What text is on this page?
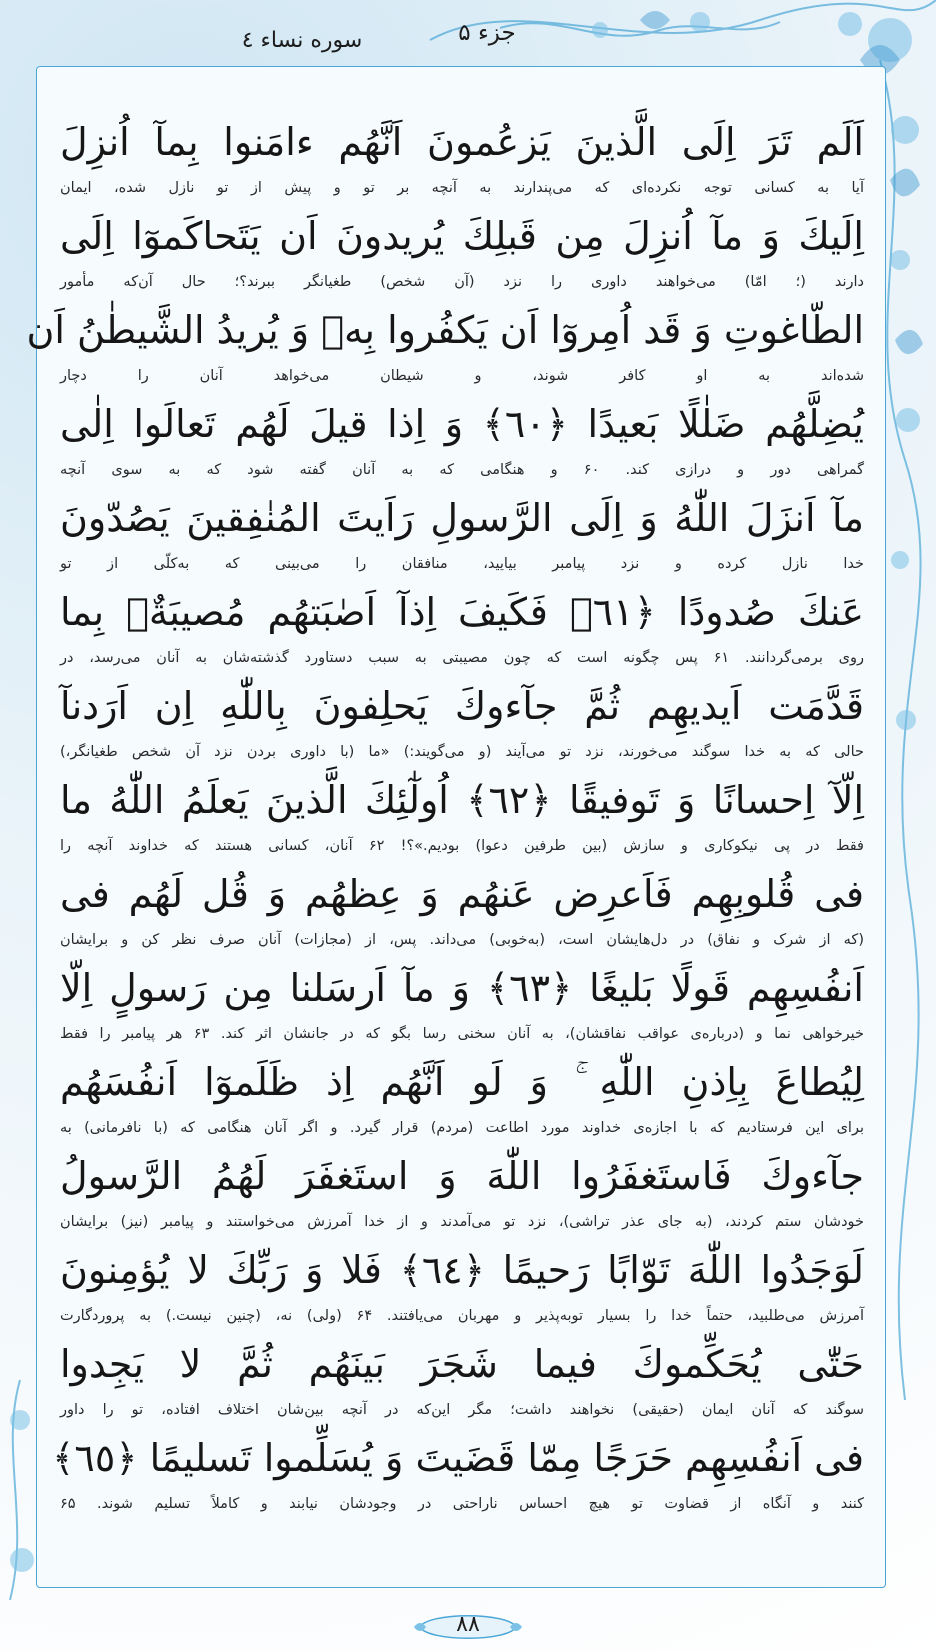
سوره نساء ٤	جزء ۵
اَلَم تَرَ اِلَى الَّذينَ يَزعُمونَ اَنَّهُم ءامَنوا بِمآ اُنزِلَ
آیا به کسانی توجه نکرده‌ای که می‌پندارند به آنچه بر تو و پیش از تو نازل شده، ایمان
اِلَيكَ وَ مآ اُنزِلَ مِن قَبلِكَ يُريدونَ اَن يَتَحاكَموٓا اِلَى
دارند (؛ امّا) می‌خواهند داوری را نزد (آن شخص) طغیانگر ببرند؟؛ حال آن‌که مأمور
الطّاغوتِ وَ قَد اُمِروٓا اَن يَكفُروا بِهٖ وَ يُريدُ الشَّيطٰنُ اَن
شده‌اند به او کافر شوند، و شیطان می‌خواهد آنان را دچار
يُضِلَّهُم ضَلٰلًا بَعيدًا ﴿٦٠﴾ وَ اِذا قيلَ لَهُم تَعالَوا اِلٰى
گمراهی دور و درازی کند. ۶۰ و هنگامی که به آنان گفته شود که به سوی آنچه
مآ اَنزَلَ اللّٰهُ وَ اِلَى الرَّسولِ رَاَيتَ المُنٰفِقينَ يَصُدّونَ
خدا نازل کرده و نزد پیامبر بیایید، منافقان را می‌بینی که به‌کلّی از تو
عَنكَ صُدودًا ﴿٦١﴾ فَكَيفَ اِذآ اَصٰبَتهُم مُصيبَةٌۢ بِما
روی برمی‌گردانند. ۶۱ پس چگونه است که چون مصیبتی به سبب دستاورد گذشته‌شان به آنان می‌رسد، در
قَدَّمَت اَيديهِم ثُمَّ جآءوكَ يَحلِفونَ بِاللّٰهِ اِن اَرَدنآ
حالی که به خدا سوگند می‌خورند، نزد تو می‌آیند (و می‌گویند:) «ما (با داوری بردن نزد آن شخص طغیانگر،)
اِلّآ اِحسانًا وَ تَوفيقًا ﴿٦٢﴾ اُولٰٓئِكَ الَّذينَ يَعلَمُ اللّٰهُ ما
فقط در پی نیکوکاری و سازش (بین طرفین دعوا) بودیم.»؟! ۶۲ آنان، کسانی هستند که خداوند آنچه را
فى قُلوبِهِم فَاَعرِض عَنهُم وَ عِظهُم وَ قُل لَهُم فى
(که از شرک و نفاق) در دل‌هایشان است، (به‌خوبی) می‌داند. پس، از (مجازات) آنان صرف نظر کن و برایشان
اَنفُسِهِم قَولًا بَليغًا ﴿٦٣﴾ وَ مآ اَرسَلنا مِن رَسولٍ اِلّا
خیرخواهی نما و (درباره‌ی عواقب نفاقشان)، به آنان سخنی رسا بگو که در جانشان اثر کند. ۶۳ هر پیامبر را فقط
لِيُطاعَ بِاِذنِ اللّٰهِ ۚ وَ لَو اَنَّهُم اِذ ظَلَموٓا اَنفُسَهُم
برای این فرستادیم که با اجازه‌ی خداوند مورد اطاعت (مردم) قرار گیرد. و اگر آنان هنگامی که (با نافرمانی) به
جآءوكَ فَاستَغفَرُوا اللّٰهَ وَ استَغفَرَ لَهُمُ الرَّسولُ
خودشان ستم کردند، (به جای عذر تراشی)، نزد تو می‌آمدند و از خدا آمرزش می‌خواستند و پیامبر (نیز) برایشان
لَوَجَدُوا اللّٰهَ تَوّابًا رَحيمًا ﴿٦٤﴾ فَلا وَ رَبِّكَ لا يُؤمِنونَ
آمرزش می‌طلبید، حتماً خدا را بسیار توبه‌پذیر و مهربان می‌یافتند. ۶۴ (ولی) نه، (چنین نیست.) به پروردگارت
حَتّٰى يُحَكِّموكَ فيما شَجَرَ بَينَهُم ثُمَّ لا يَجِدوا
سوگند که آنان ایمان (حقیقی) نخواهند داشت؛ مگر این‌که در آنچه بین‌شان اختلاف افتاده، تو را داور
فى اَنفُسِهِم حَرَجًا مِمّا قَضَيتَ وَ يُسَلِّموا تَسليمًا ﴿٦٥﴾
کنند و آنگاه از قضاوت تو هیچ احساس ناراحتی در وجودشان نیابند و کاملاً تسلیم شوند. ۶۵
۸۸
